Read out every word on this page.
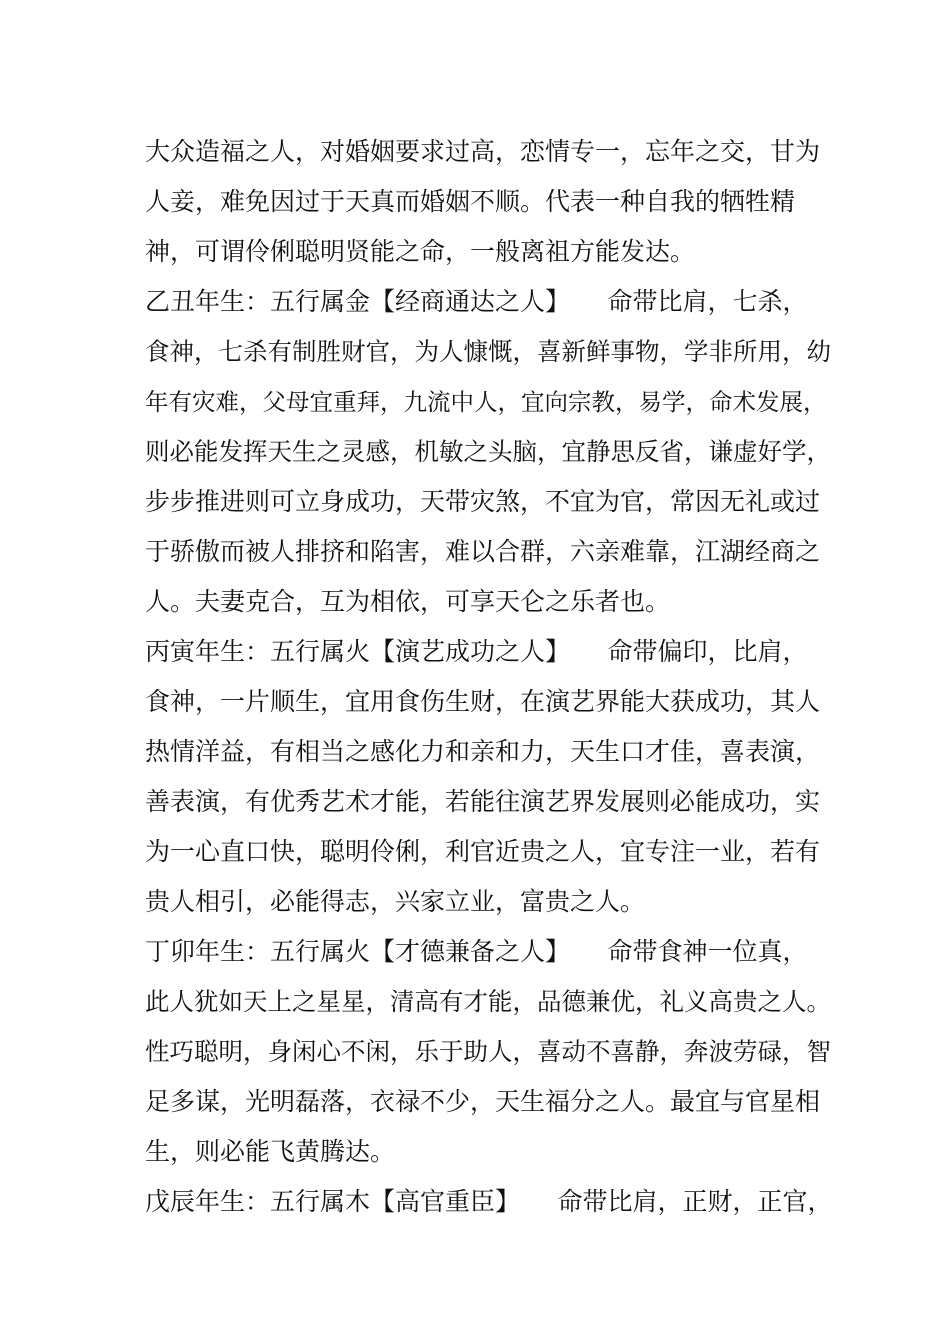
大众造福之人，对婚姻要求过高，恋情专一，忘年之交，甘为
人妾，难免因过于天真而婚姻不顺。代表一种自我的牺牲精
神，可谓伶俐聪明贤能之命，一般离祖方能发达。
乙丑年生：五行属金【经商通达之人】　　命带比肩，七杀，
食神，七杀有制胜财官，为人慷慨，喜新鲜事物，学非所用，幼
年有灾难，父母宜重拜，九流中人，宜向宗教，易学，命术发展，
则必能发挥天生之灵感，机敏之头脑，宜静思反省，谦虚好学，
步步推进则可立身成功，天带灾煞，不宜为官，常因无礼或过
于骄傲而被人排挤和陷害，难以合群，六亲难靠，江湖经商之
人。夫妻克合，互为相依，可享天仑之乐者也。
丙寅年生：五行属火【演艺成功之人】　　命带偏印，比肩，
食神，一片顺生，宜用食伤生财，在演艺界能大获成功，其人
热情洋益，有相当之感化力和亲和力，天生口才佳，喜表演，
善表演，有优秀艺术才能，若能往演艺界发展则必能成功，实
为一心直口快，聪明伶俐，利官近贵之人，宜专注一业，若有
贵人相引，必能得志，兴家立业，富贵之人。
丁卯年生：五行属火【才德兼备之人】　　命带食神一位真，
此人犹如天上之星星，清高有才能，品德兼优，礼义高贵之人。
性巧聪明，身闲心不闲，乐于助人，喜动不喜静，奔波劳碌，智
足多谋，光明磊落，衣禄不少，天生福分之人。最宜与官星相
生，则必能飞黄腾达。
戊辰年生：五行属木【高官重臣】　　命带比肩，正财，正官，
